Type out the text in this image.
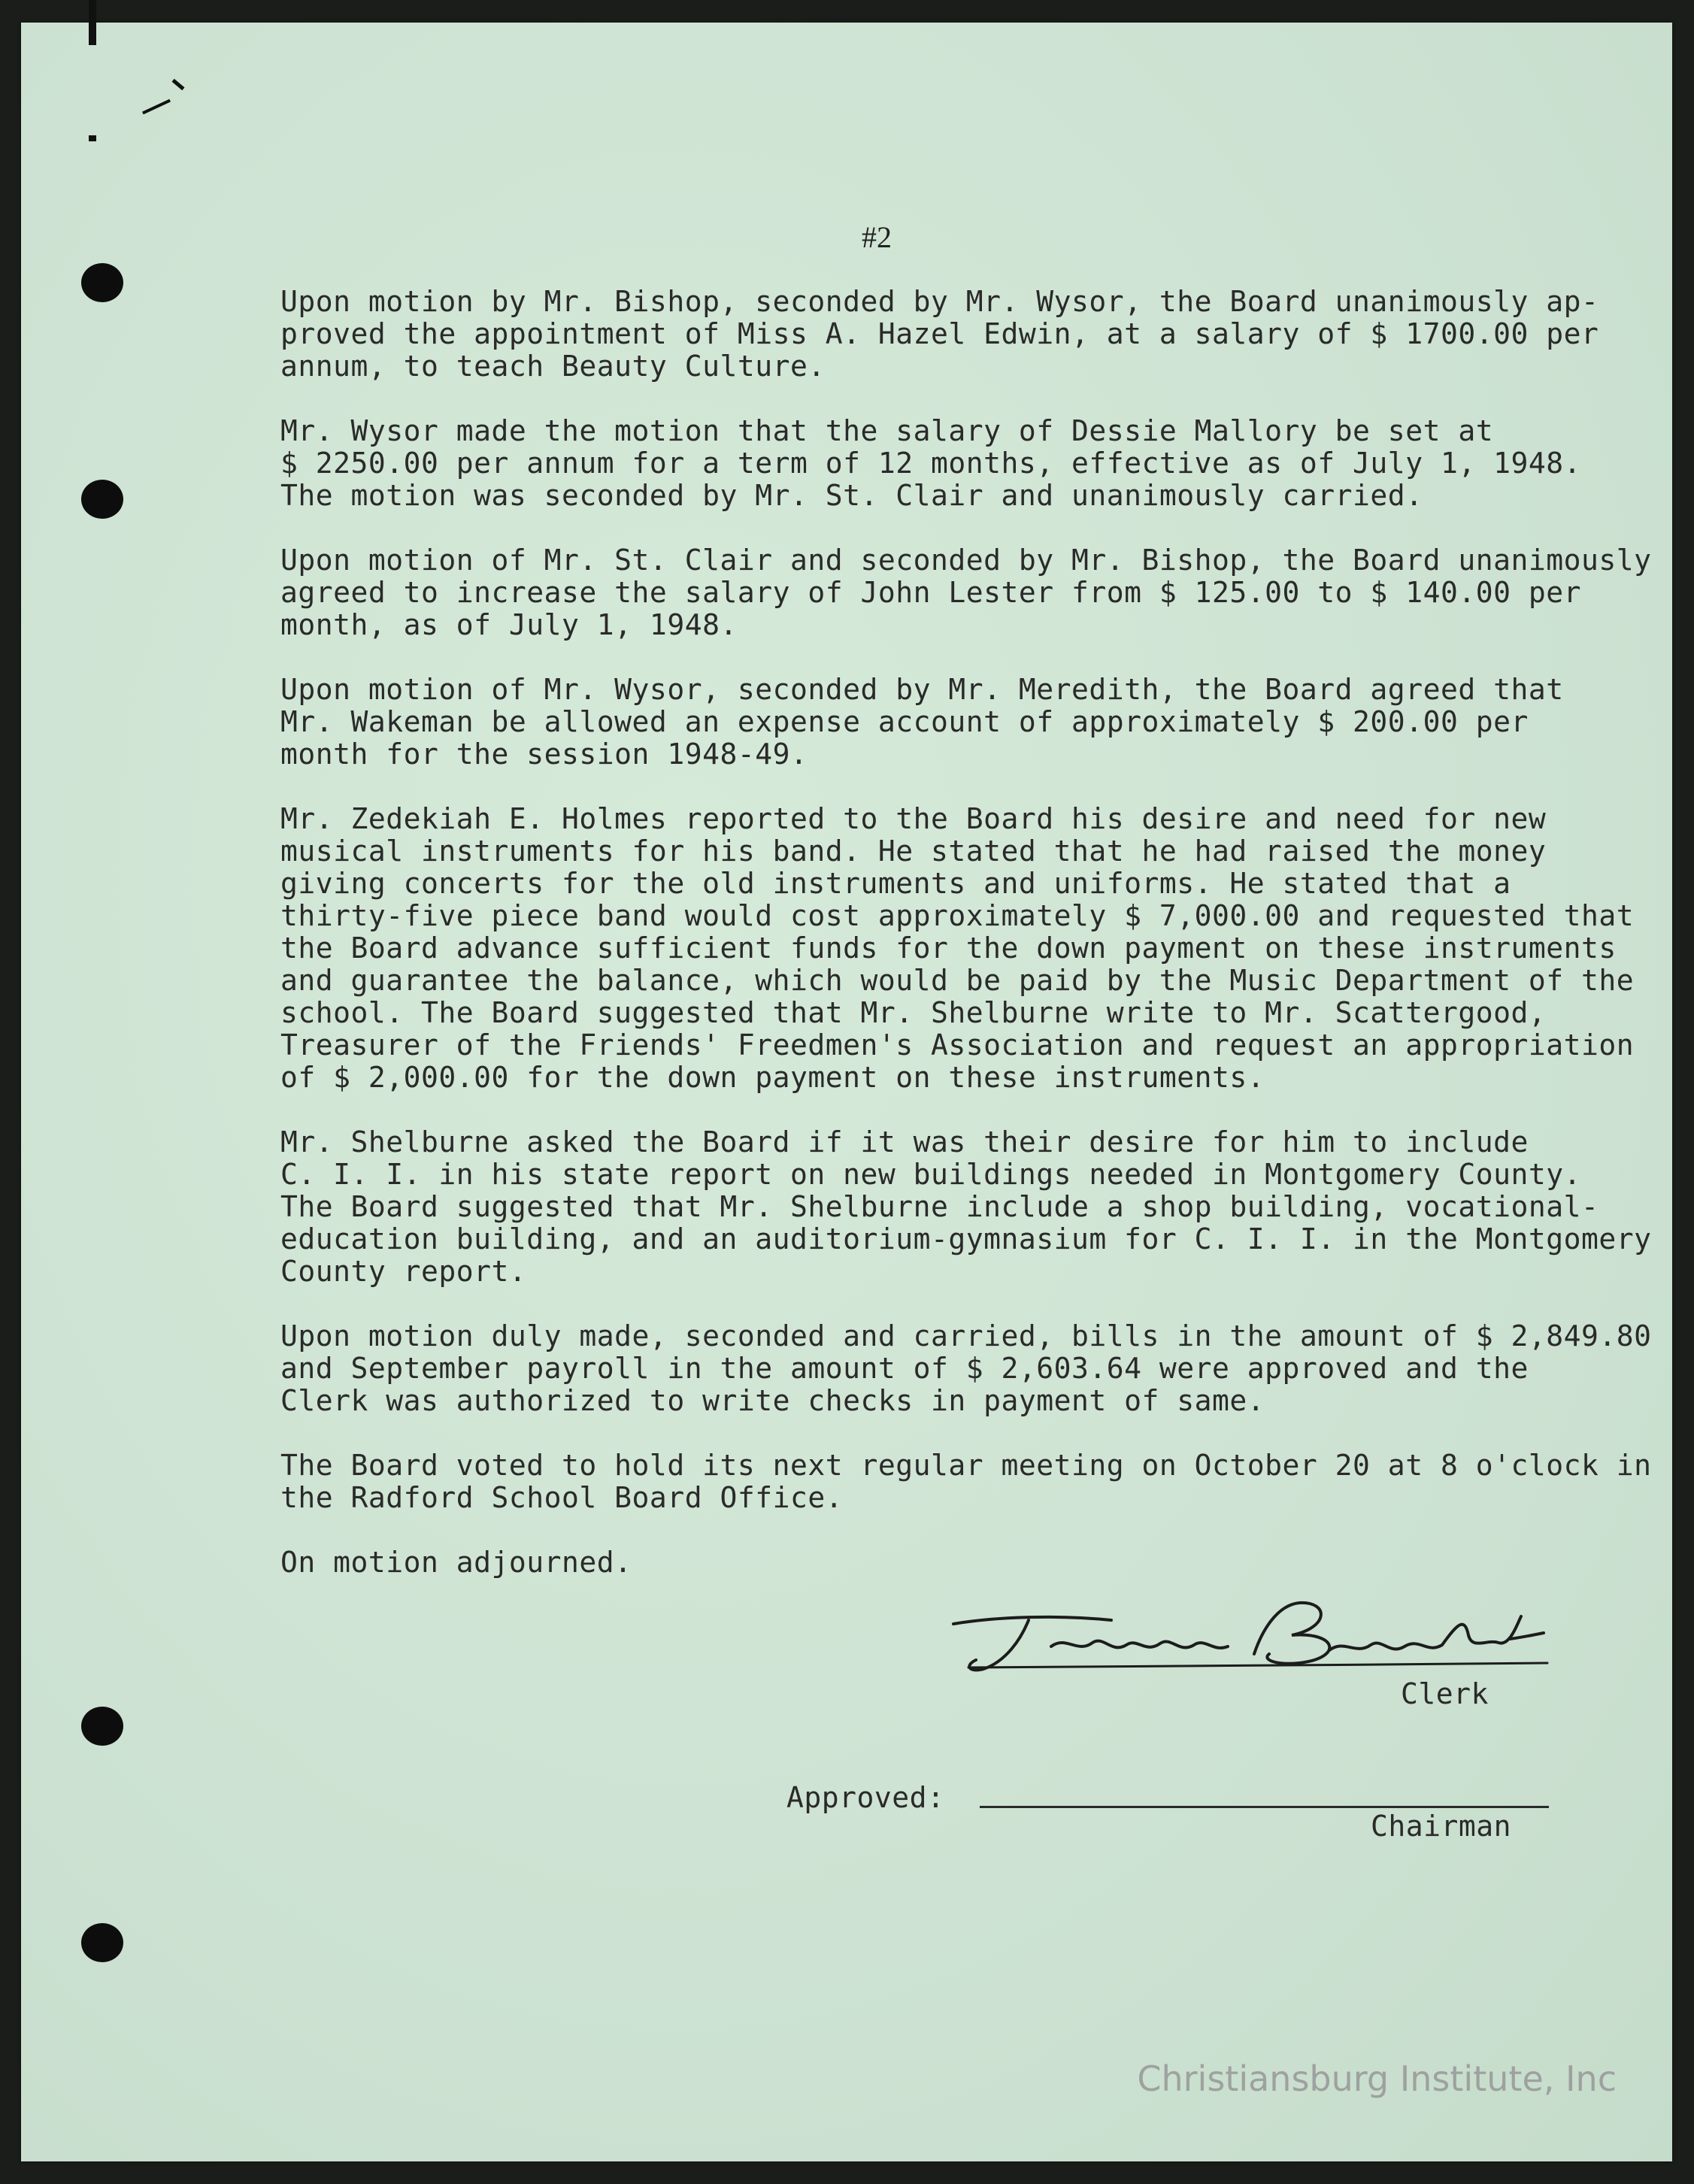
#2

Upon motion by Mr. Bishop, seconded by Mr. Wysor, the Board unanimously ap-
proved the appointment of Miss A. Hazel Edwin, at a salary of $ 1700.00 per
annum, to teach Beauty Culture.

Mr. Wysor made the motion that the salary of Dessie Mallory be set at
$ 2250.00 per annum for a term of 12 months, effective as of July 1, 1948.
The motion was seconded by Mr. St. Clair and unanimously carried.

Upon motion of Mr. St. Clair and seconded by Mr. Bishop, the Board unanimously
agreed to increase the salary of John Lester from $ 125.00 to $ 140.00 per
month, as of July 1, 1948.

Upon motion of Mr. Wysor, seconded by Mr. Meredith, the Board agreed that
Mr. Wakeman be allowed an expense account of approximately $ 200.00 per
month for the session 1948-49.

Mr. Zedekiah E. Holmes reported to the Board his desire and need for new
musical instruments for his band. He stated that he had raised the money
giving concerts for the old instruments and uniforms. He stated that a
thirty-five piece band would cost approximately $ 7,000.00 and requested that
the Board advance sufficient funds for the down payment on these instruments
and guarantee the balance, which would be paid by the Music Department of the
school. The Board suggested that Mr. Shelburne write to Mr. Scattergood,
Treasurer of the Friends' Freedmen's Association and request an appropriation
of $ 2,000.00 for the down payment on these instruments.

Mr. Shelburne asked the Board if it was their desire for him to include
C. I. I. in his state report on new buildings needed in Montgomery County.
The Board suggested that Mr. Shelburne include a shop building, vocational-
education building, and an auditorium-gymnasium for C. I. I. in the Montgomery
County report.

Upon motion duly made, seconded and carried, bills in the amount of $ 2,849.80
and September payroll in the amount of $ 2,603.64 were approved and the
Clerk was authorized to write checks in payment of same.

The Board voted to hold its next regular meeting on October 20 at 8 o'clock in
the Radford School Board Office.

On motion adjourned.

Clerk
Approved:
Chairman
Christiansburg Institute, Inc
